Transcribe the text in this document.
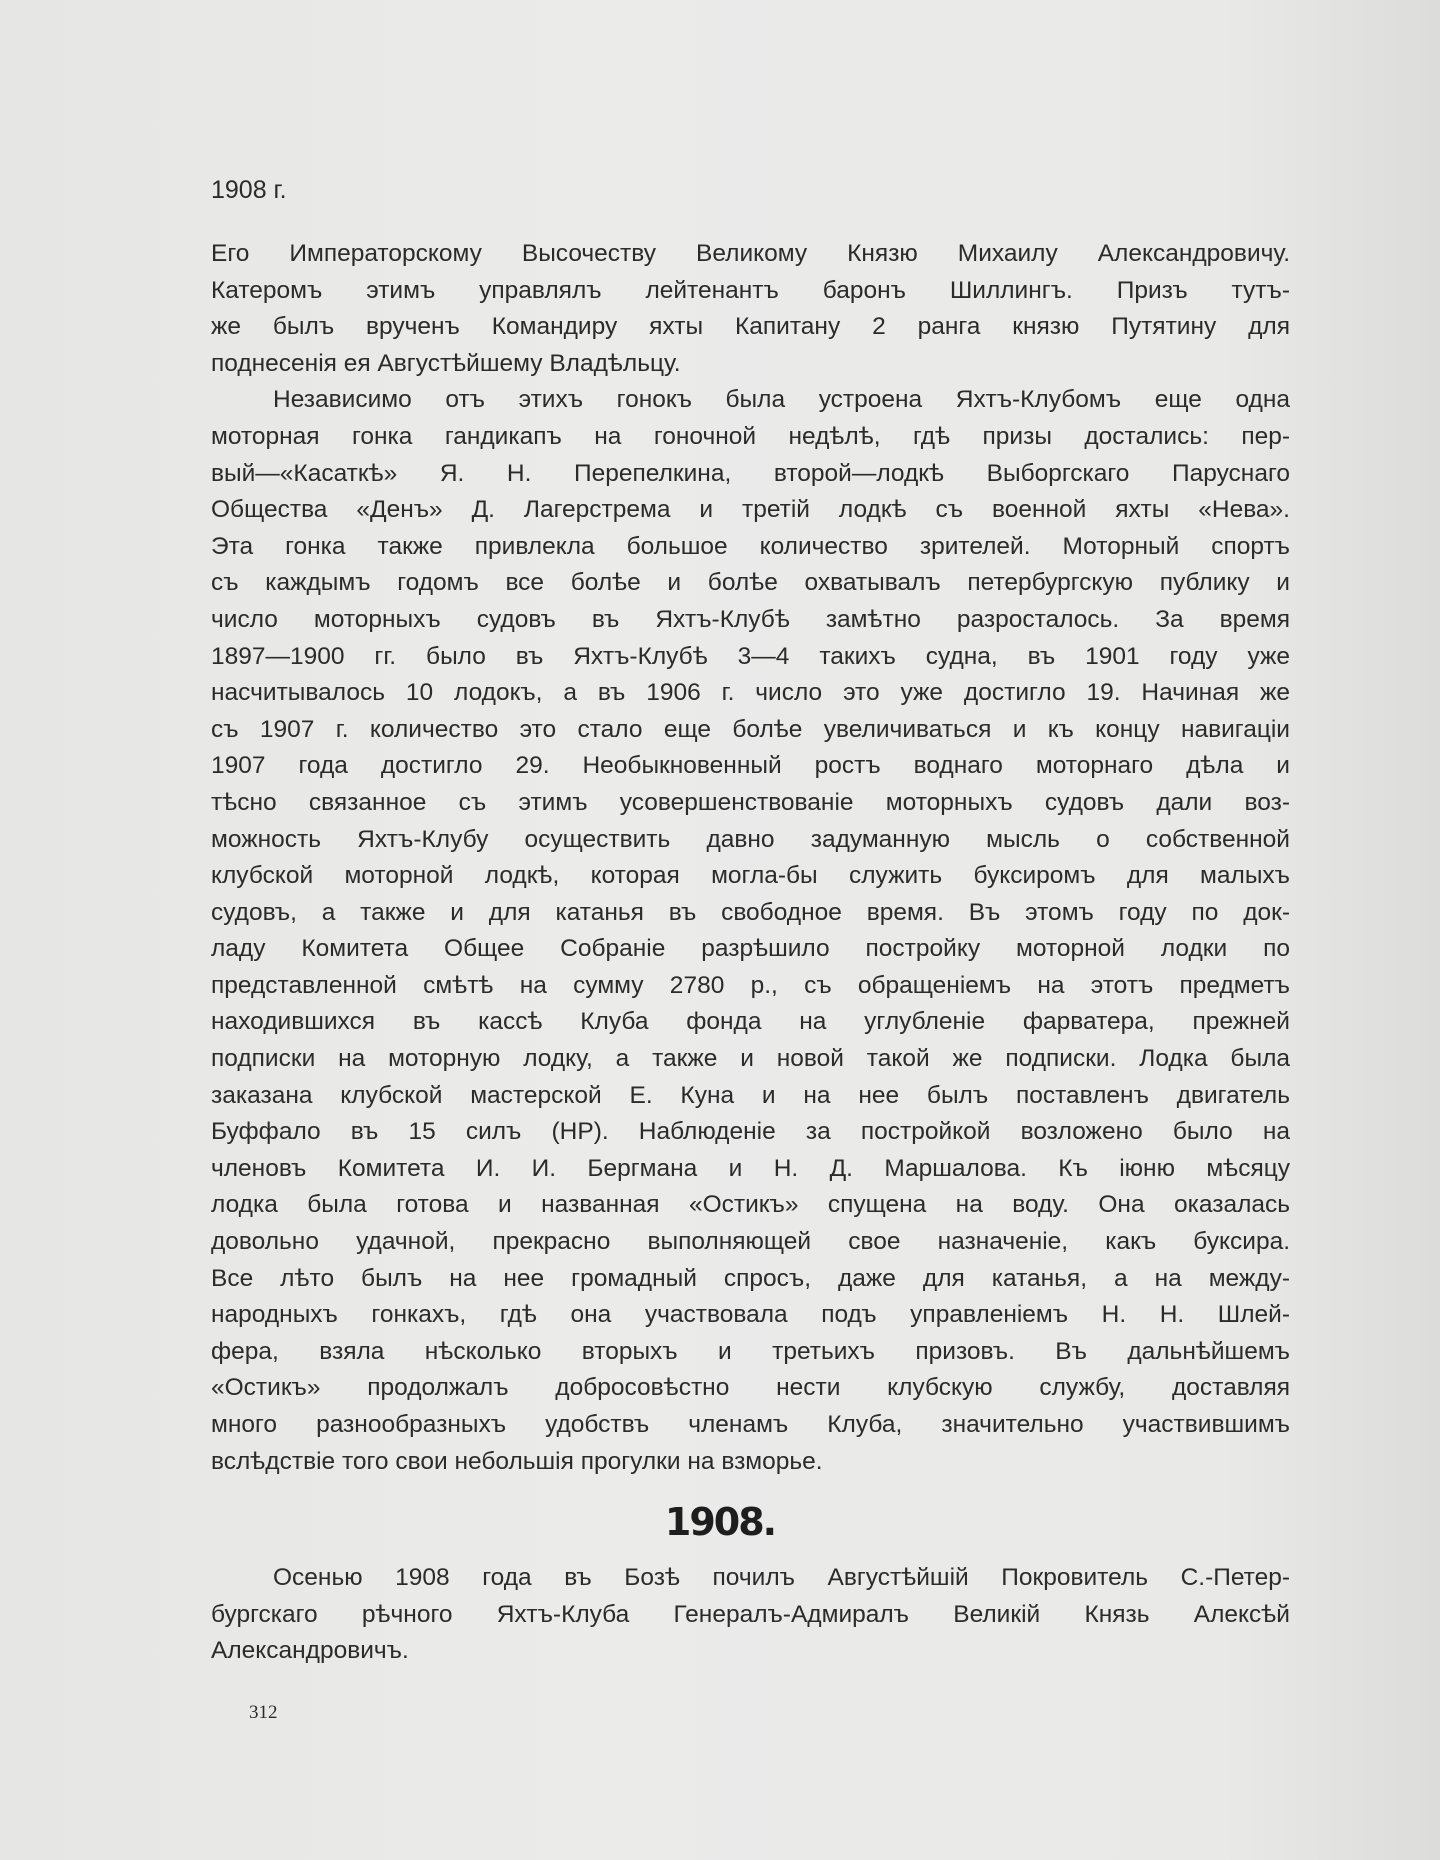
1908 г.
Его Императорскому Высочеству Великому Князю Михаилу Александровичу.
Катеромъ этимъ управлялъ лейтенантъ баронъ Шиллингъ. Призъ тутъ-
же былъ врученъ Командиру яхты Капитану 2 ранга князю Путятину для
поднесенія ея Августѣйшему Владѣльцу.
Независимо отъ этихъ гонокъ была устроена Яхтъ-Клубомъ еще одна
моторная гонка гандикапъ на гоночной недѣлѣ, гдѣ призы достались: пер-
вый—«Касаткѣ» Я. Н. Перепелкина, второй—лодкѣ Выборгскаго Паруснаго
Общества «Денъ» Д. Лагерстрема и третій лодкѣ съ военной яхты «Нева».
Эта гонка также привлекла большое количество зрителей. Моторный спортъ
съ каждымъ годомъ все болѣе и болѣе охватывалъ петербургскую публику и
число моторныхъ судовъ въ Яхтъ-Клубѣ замѣтно разросталось. За время
1897—1900 гг. было въ Яхтъ-Клубѣ 3—4 такихъ судна, въ 1901 году уже
насчитывалось 10 лодокъ, а въ 1906 г. число это уже достигло 19. Начиная же
съ 1907 г. количество это стало еще болѣе увеличиваться и къ концу навигаціи
1907 года достигло 29. Необыкновенный ростъ воднаго моторнаго дѣла и
тѣсно связанное съ этимъ усовершенствованіе моторныхъ судовъ дали воз-
можность Яхтъ-Клубу осуществить давно задуманную мысль о собственной
клубской моторной лодкѣ, которая могла-бы служить буксиромъ для малыхъ
судовъ, а также и для катанья въ свободное время. Въ этомъ году по док-
ладу Комитета Общее Собраніе разрѣшило постройку моторной лодки по
представленной смѣтѣ на сумму 2780 р., съ обращеніемъ на этотъ предметъ
находившихся въ кассѣ Клуба фонда на углубленіе фарватера, прежней
подписки на моторную лодку, а также и новой такой же подписки. Лодка была
заказана клубской мастерской Е. Куна и на нее былъ поставленъ двигатель
Буффало въ 15 силъ (HP). Наблюденіе за постройкой возложено было на
членовъ Комитета И. И. Бергмана и Н. Д. Маршалова. Къ іюню мѣсяцу
лодка была готова и названная «Остикъ» спущена на воду. Она оказалась
довольно удачной, прекрасно выполняющей свое назначеніе, какъ буксира.
Все лѣто былъ на нее громадный спросъ, даже для катанья, а на между-
народныхъ гонкахъ, гдѣ она участвовала подъ управленіемъ Н. Н. Шлей-
фера, взяла нѣсколько вторыхъ и третьихъ призовъ. Въ дальнѣйшемъ
«Остикъ» продолжалъ добросовѣстно нести клубскую службу, доставляя
много разнообразныхъ удобствъ членамъ Клуба, значительно участвившимъ
вслѣдствіе того свои небольшія прогулки на взморье.
1908.
Осенью 1908 года въ Бозѣ почилъ Августѣйшій Покровитель С.-Петер-
бургскаго рѣчного Яхтъ-Клуба Генералъ-Адмиралъ Великій Князь Алексѣй
Александровичъ.
312
